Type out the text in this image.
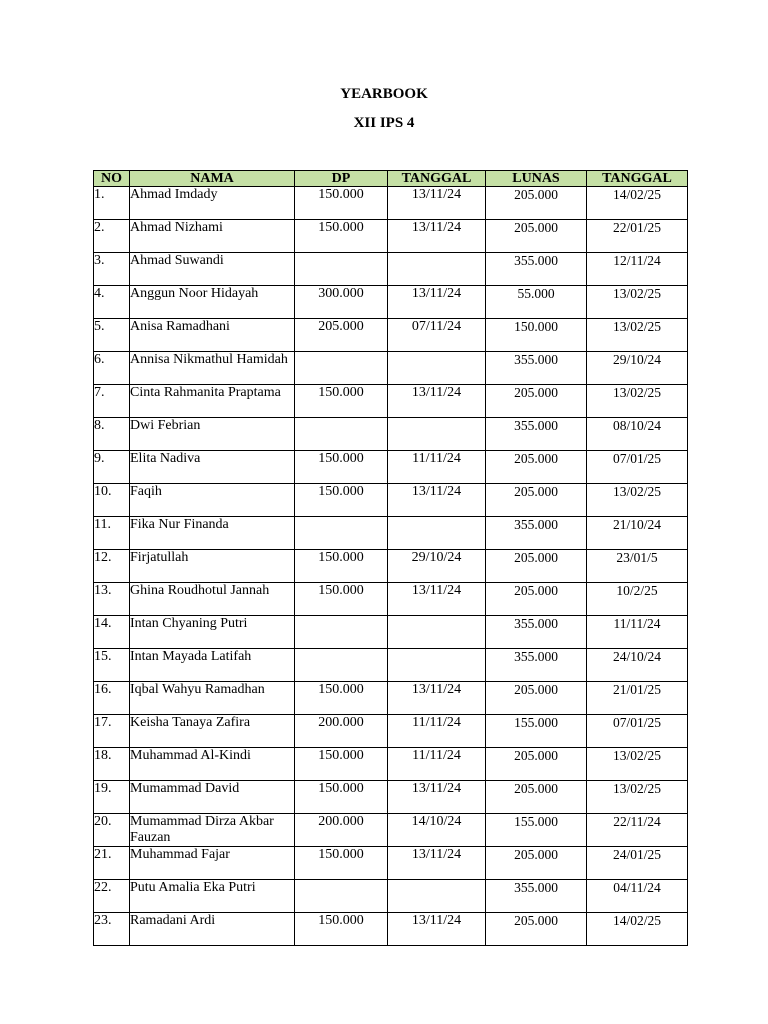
YEARBOOK
XII IPS 4
NO	NAMA	DP	TANGGAL	LUNAS	TANGGAL
1.	Ahmad Imdady	150.000	13/11/24	205.000	14/02/25
2.	Ahmad Nizhami	150.000	13/11/24	205.000	22/01/25
3.	Ahmad Suwandi			355.000	12/11/24
4.	Anggun Noor Hidayah	300.000	13/11/24	55.000	13/02/25
5.	Anisa Ramadhani	205.000	07/11/24	150.000	13/02/25
6.	Annisa Nikmathul Hamidah			355.000	29/10/24
7.	Cinta Rahmanita Praptama	150.000	13/11/24	205.000	13/02/25
8.	Dwi Febrian			355.000	08/10/24
9.	Elita Nadiva	150.000	11/11/24	205.000	07/01/25
10.	Faqih	150.000	13/11/24	205.000	13/02/25
11.	Fika Nur Finanda			355.000	21/10/24
12.	Firjatullah	150.000	29/10/24	205.000	23/01/5
13.	Ghina Roudhotul Jannah	150.000	13/11/24	205.000	10/2/25
14.	Intan Chyaning Putri			355.000	11/11/24
15.	Intan Mayada Latifah			355.000	24/10/24
16.	Iqbal Wahyu Ramadhan	150.000	13/11/24	205.000	21/01/25
17.	Keisha Tanaya Zafira	200.000	11/11/24	155.000	07/01/25
18.	Muhammad Al-Kindi	150.000	11/11/24	205.000	13/02/25
19.	Mumammad David	150.000	13/11/24	205.000	13/02/25
20.	Mumammad Dirza Akbar Fauzan	200.000	14/10/24	155.000	22/11/24
21.	Muhammad Fajar	150.000	13/11/24	205.000	24/01/25
22.	Putu Amalia Eka Putri			355.000	04/11/24
23.	Ramadani Ardi	150.000	13/11/24	205.000	14/02/25
